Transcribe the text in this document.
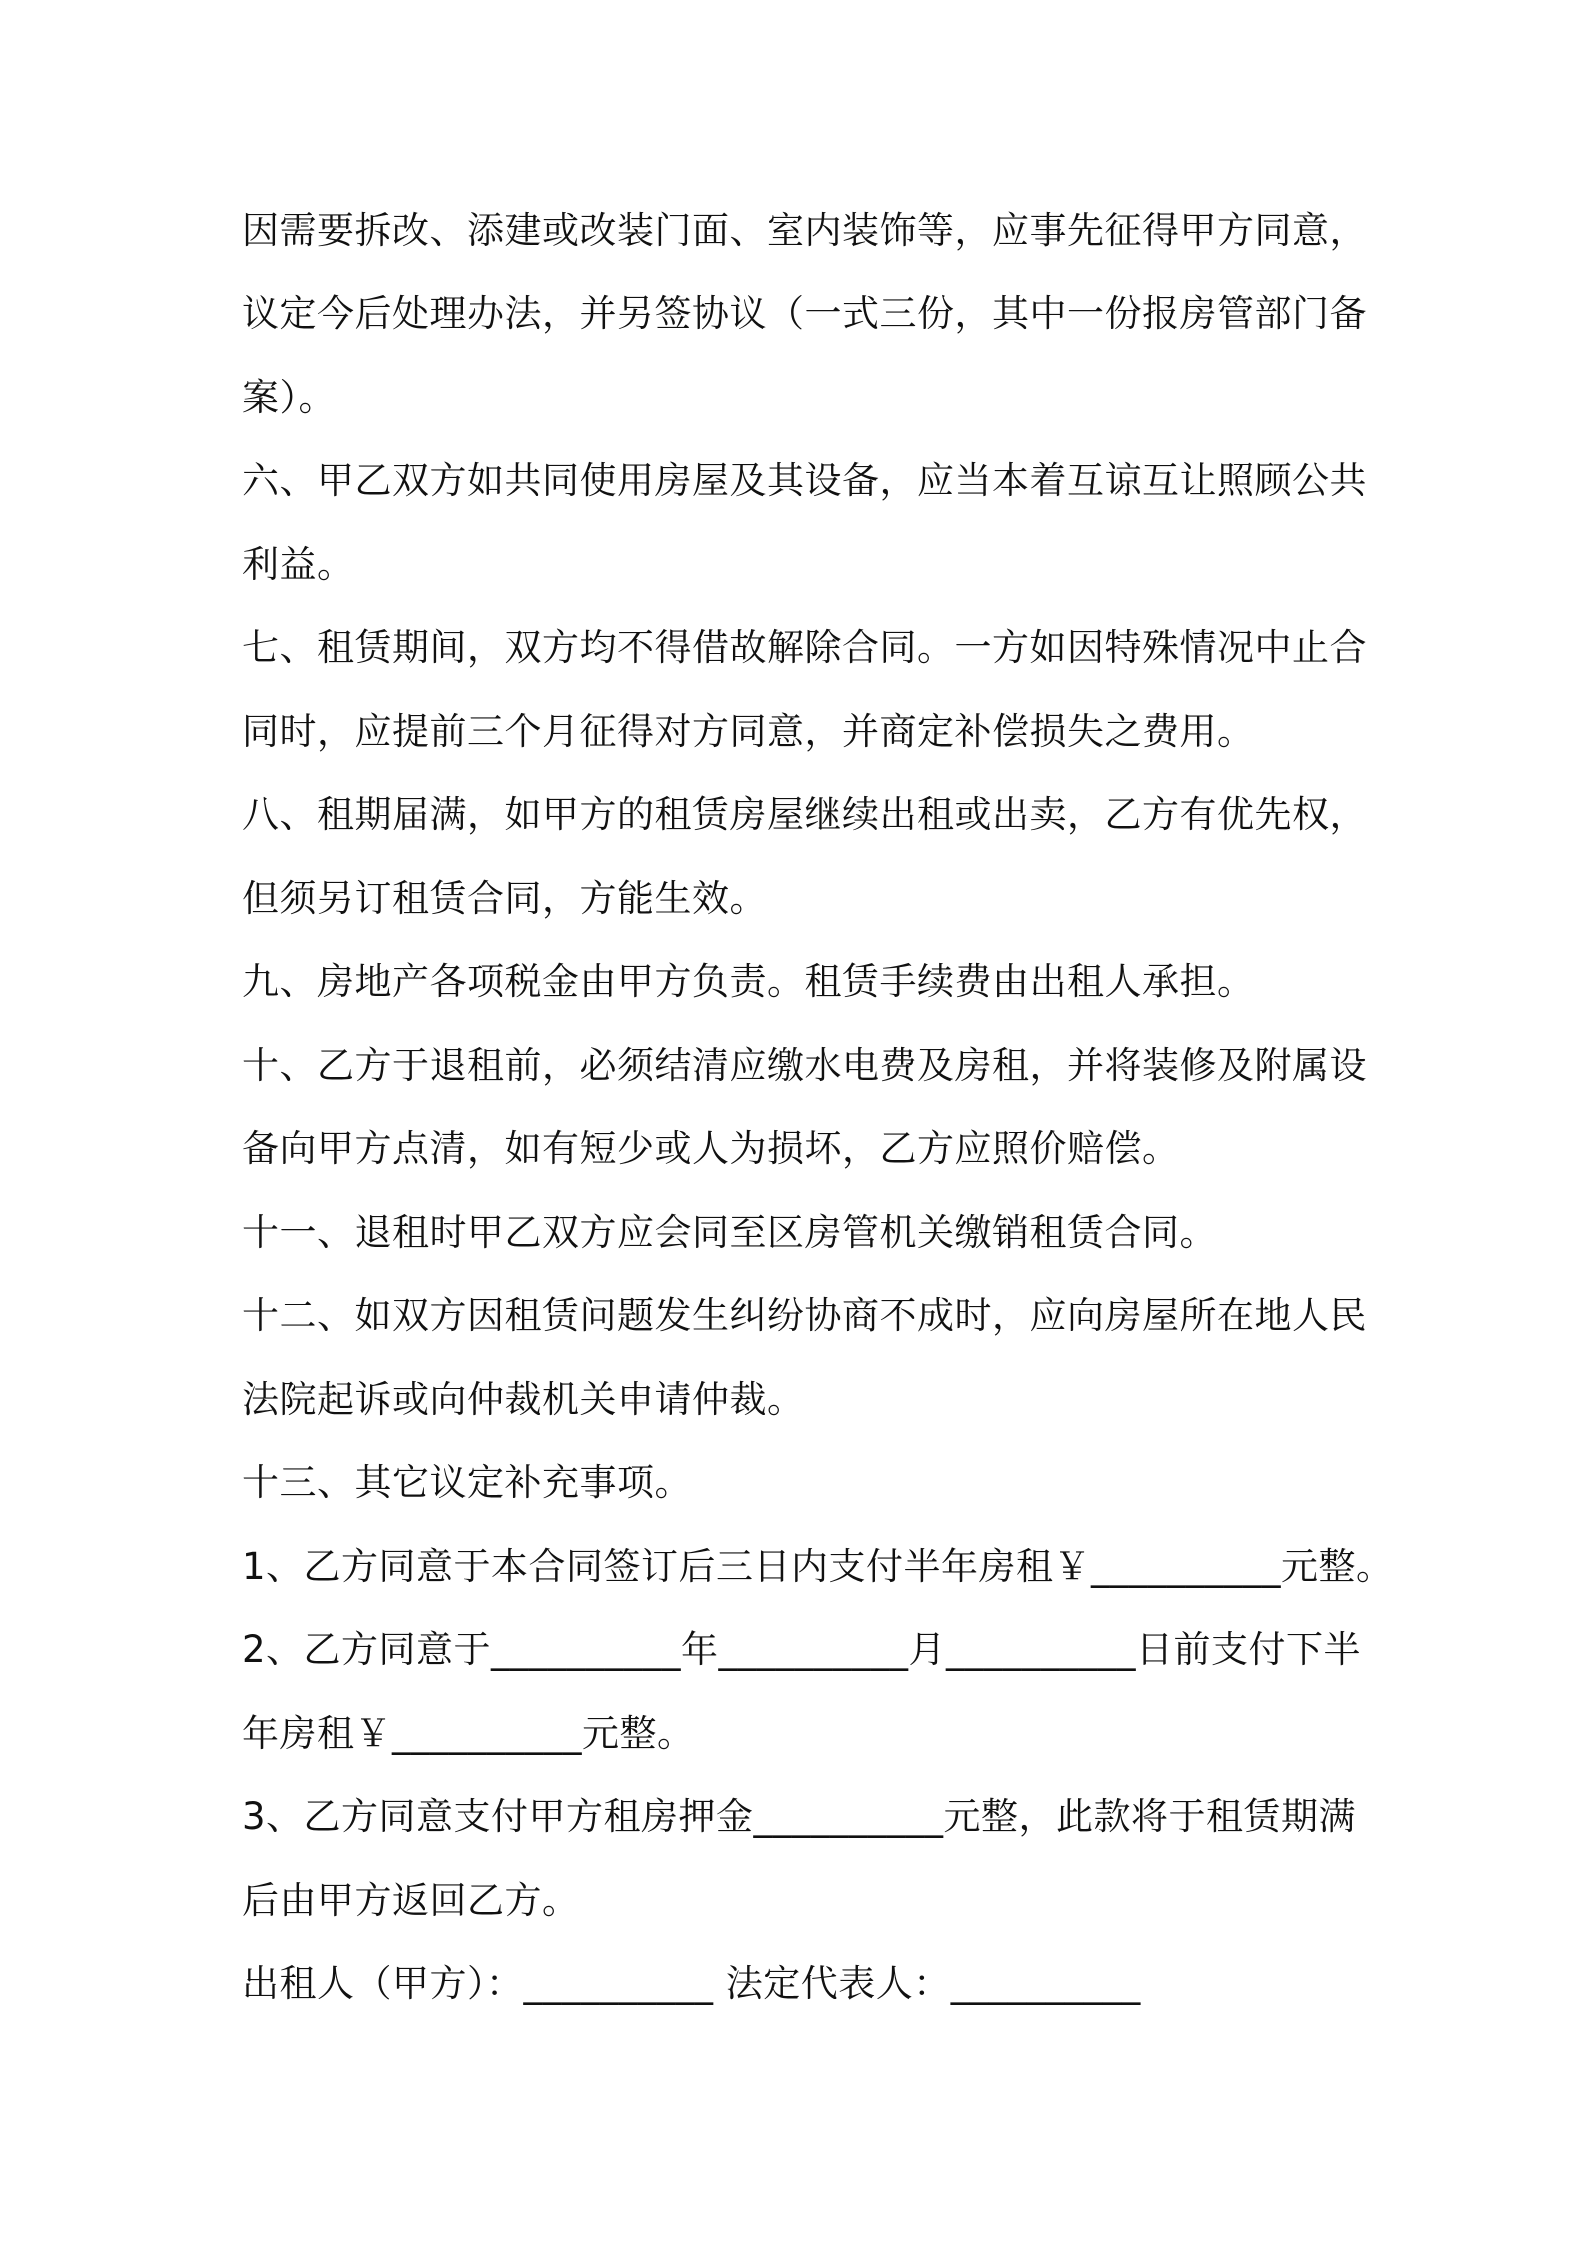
因需要拆改、添建或改装门面、室内装饰等，应事先征得甲方同意，
议定今后处理办法，并另签协议（一式三份，其中一份报房管部门备
案）。
六、甲乙双方如共同使用房屋及其设备，应当本着互谅互让照顾公共
利益。
七、租赁期间，双方均不得借故解除合同。一方如因特殊情况中止合
同时，应提前三个月征得对方同意，并商定补偿损失之费用。
八、租期届满，如甲方的租赁房屋继续出租或出卖，乙方有优先权，
但须另订租赁合同，方能生效。
九、房地产各项税金由甲方负责。租赁手续费由出租人承担。
十、乙方于退租前，必须结清应缴水电费及房租，并将装修及附属设
备向甲方点清，如有短少或人为损坏，乙方应照价赔偿。
十一、退租时甲乙双方应会同至区房管机关缴销租赁合同。
十二、如双方因租赁问题发生纠纷协商不成时，应向房屋所在地人民
法院起诉或向仲裁机关申请仲裁。
十三、其它议定补充事项。
1、乙方同意于本合同签订后三日内支付半年房租￥__________元整。
2、乙方同意于__________年__________月__________日前支付下半
年房租￥__________元整。
3、乙方同意支付甲方租房押金__________元整，此款将于租赁期满
后由甲方返回乙方。
出租人（甲方）：__________ 法定代表人：__________
